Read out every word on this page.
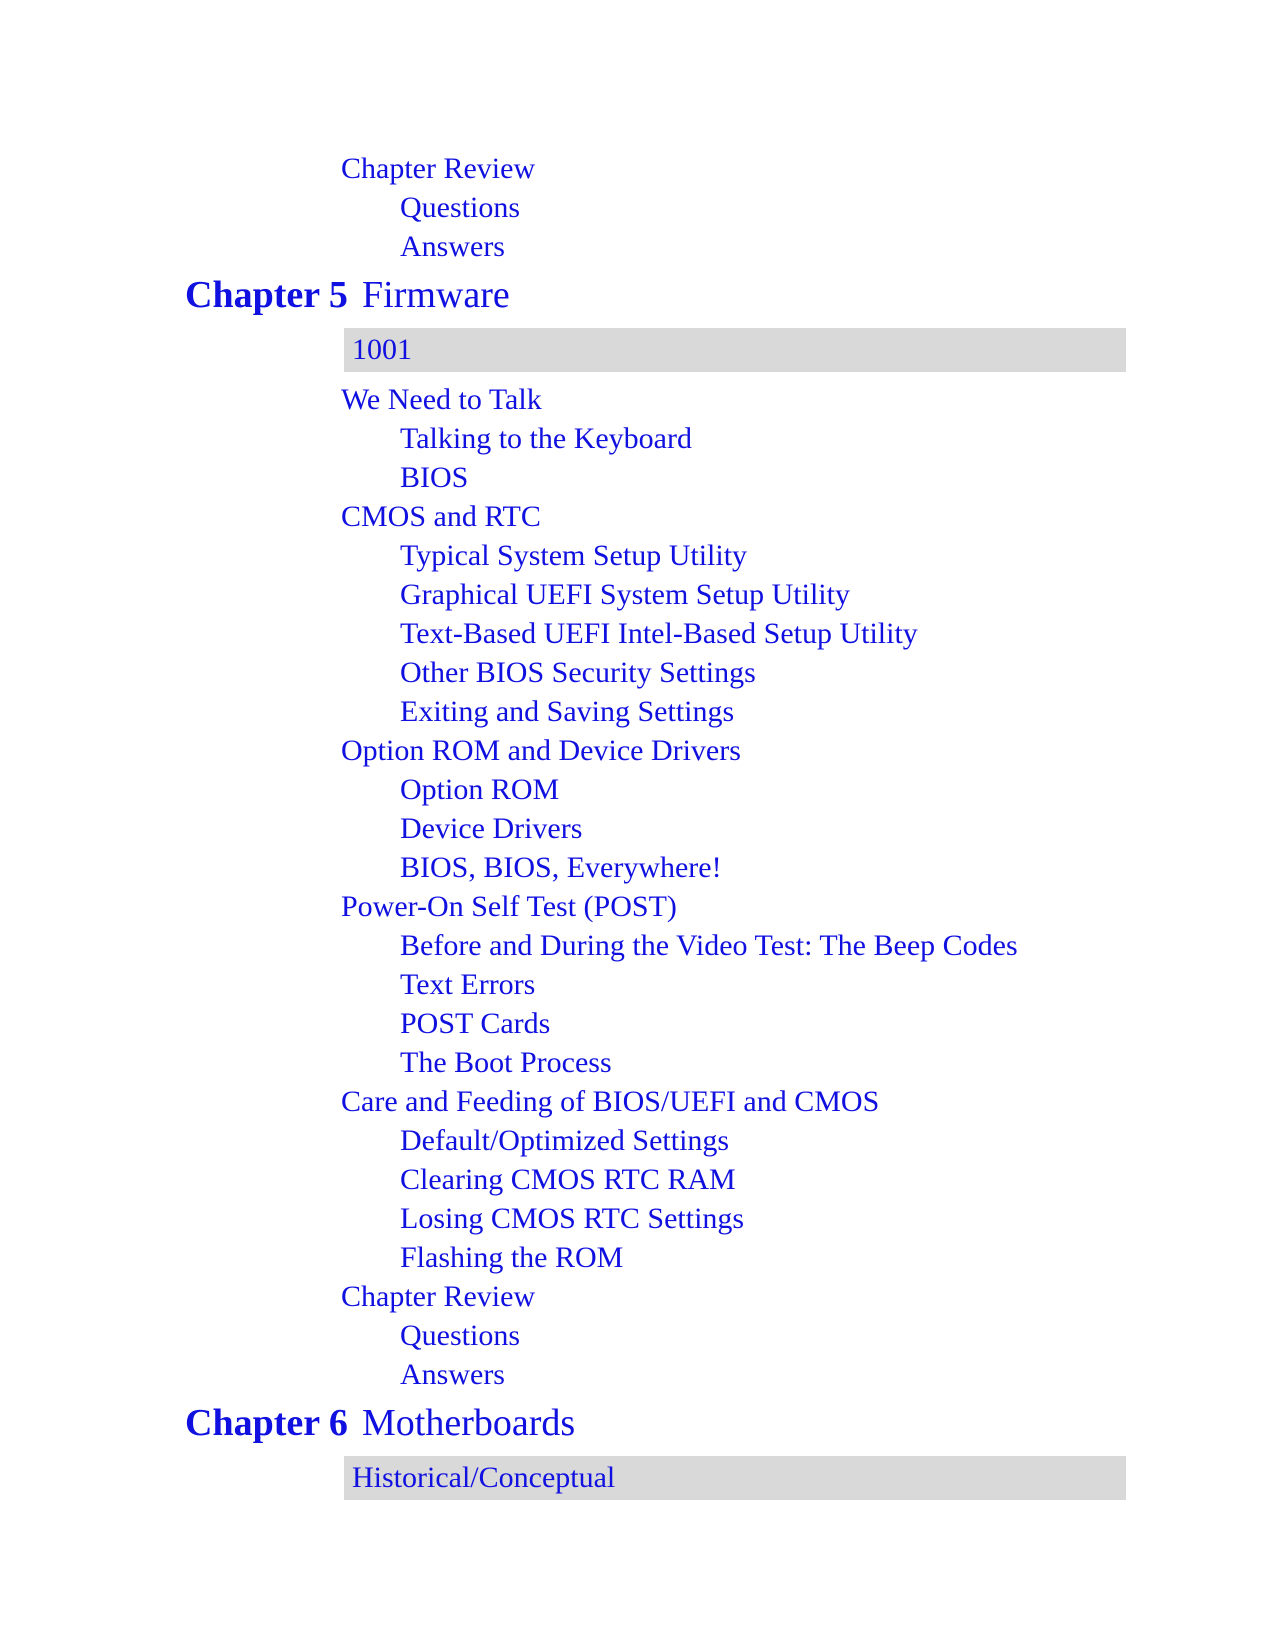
Chapter Review
Questions
Answers
Chapter 5 Firmware
1001
We Need to Talk
Talking to the Keyboard
BIOS
CMOS and RTC
Typical System Setup Utility
Graphical UEFI System Setup Utility
Text-Based UEFI Intel-Based Setup Utility
Other BIOS Security Settings
Exiting and Saving Settings
Option ROM and Device Drivers
Option ROM
Device Drivers
BIOS, BIOS, Everywhere!
Power-On Self Test (POST)
Before and During the Video Test: The Beep Codes
Text Errors
POST Cards
The Boot Process
Care and Feeding of BIOS/UEFI and CMOS
Default/Optimized Settings
Clearing CMOS RTC RAM
Losing CMOS RTC Settings
Flashing the ROM
Chapter Review
Questions
Answers
Chapter 6 Motherboards
Historical/Conceptual
